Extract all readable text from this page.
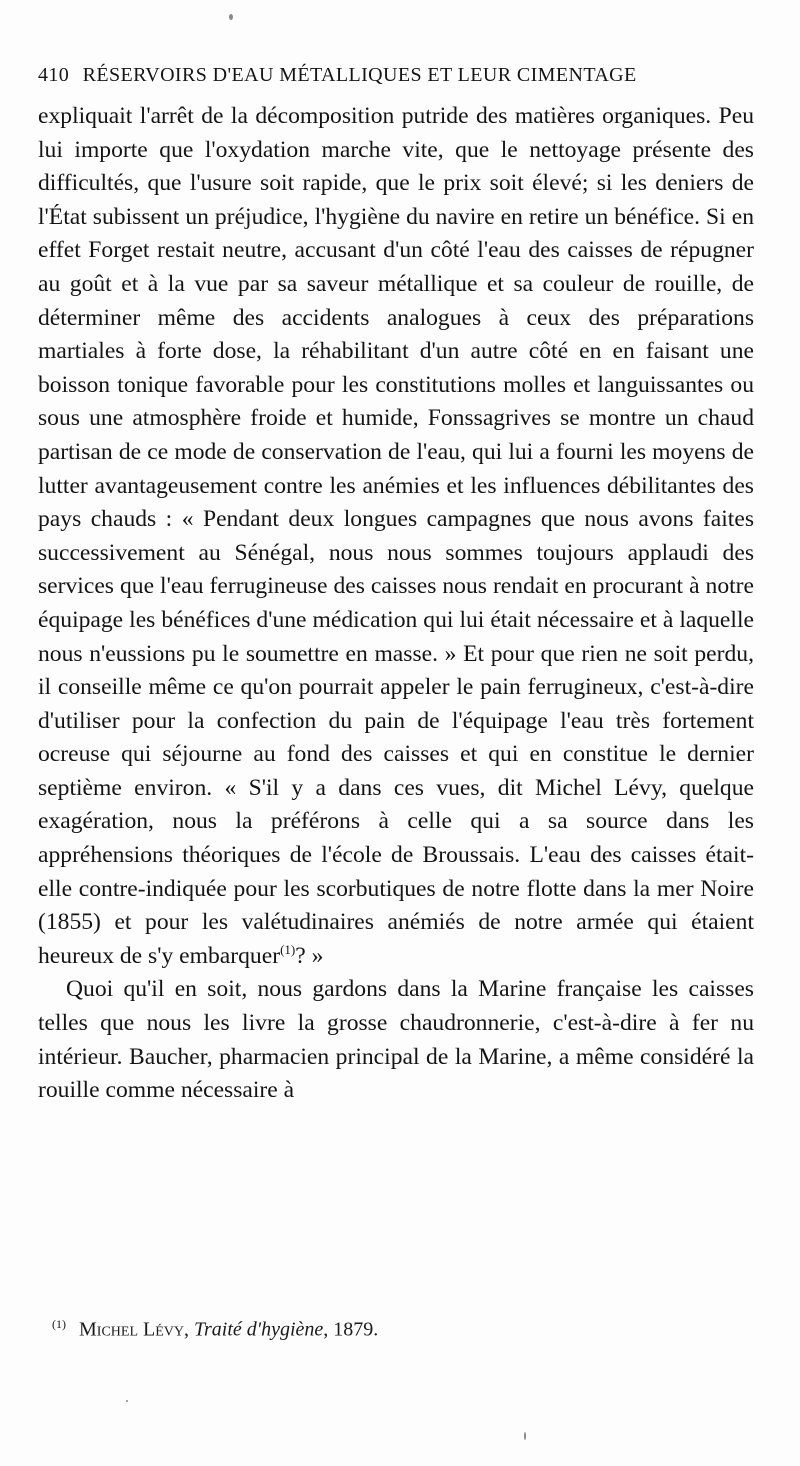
410 RÉSERVOIRS D'EAU MÉTALLIQUES ET LEUR CIMENTAGE

expliquait l'arrêt de la décomposition putride des matières organiques. Peu lui importe que l'oxydation marche vite, que le nettoyage présente des difficultés, que l'usure soit rapide, que le prix soit élevé; si les deniers de l'État subissent un préjudice, l'hygiène du navire en retire un bénéfice. Si en effet Forget restait neutre, accusant d'un côté l'eau des caisses de répugner au goût et à la vue par sa saveur métallique et sa couleur de rouille, de déterminer même des accidents analogues à ceux des préparations martiales à forte dose, la réhabilitant d'un autre côté en en faisant une boisson tonique favorable pour les constitutions molles et languissantes ou sous une atmosphère froide et humide, Fonssagrives se montre un chaud partisan de ce mode de conservation de l'eau, qui lui a fourni les moyens de lutter avantageusement contre les anémies et les influences débilitantes des pays chauds : « Pendant deux longues campagnes que nous avons faites successivement au Sénégal, nous nous sommes toujours applaudi des services que l'eau ferrugineuse des caisses nous rendait en procurant à notre équipage les bénéfices d'une médication qui lui était nécessaire et à laquelle nous n'eussions pu le soumettre en masse. » Et pour que rien ne soit perdu, il conseille même ce qu'on pourrait appeler le pain ferrugineux, c'est-à-dire d'utiliser pour la confection du pain de l'équipage l'eau très fortement ocreuse qui séjourne au fond des caisses et qui en constitue le dernier septième environ. « S'il y a dans ces vues, dit Michel Lévy, quelque exagération, nous la préférons à celle qui a sa source dans les appréhensions théoriques de l'école de Broussais. L'eau des caisses était-elle contre-indiquée pour les scorbutiques de notre flotte dans la mer Noire (1855) et pour les valétudinaires anémiés de notre armée qui étaient heureux de s'y embarquer$^{(1)}$? »

Quoi qu'il en soit, nous gardons dans la Marine française les caisses telles que nous les livre la grosse chaudronnerie, c'est-à-dire à fer nu intérieur. Baucher, pharmacien principal de la Marine, a même considéré la rouille comme nécessaire à

$^{(1)}$ Michel Lévy, Traité d'hygiène, 1879.
